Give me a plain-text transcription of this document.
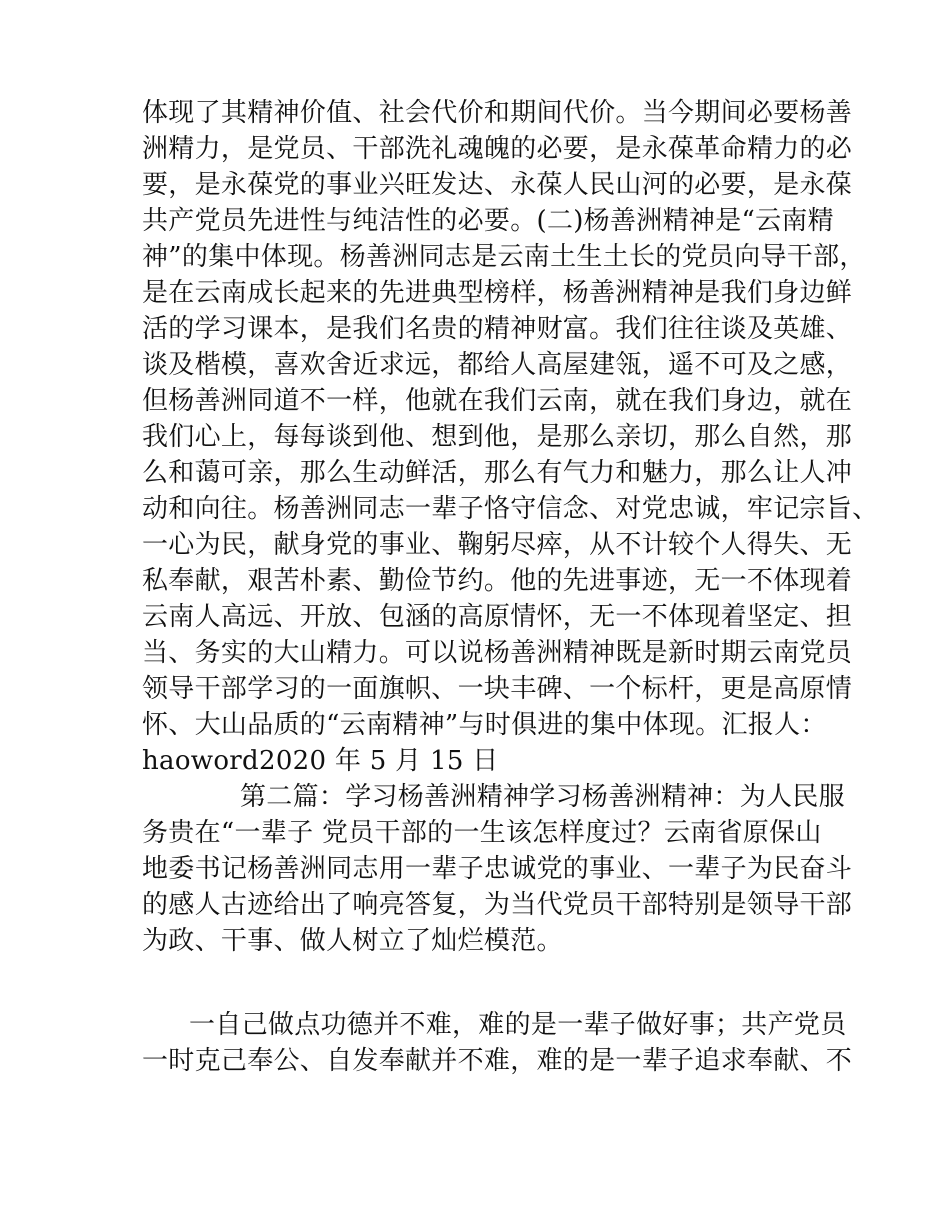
体现了其精神价值、社会代价和期间代价。当今期间必要杨善
洲精力，是党员、干部洗礼魂魄的必要，是永葆革命精力的必
要，是永葆党的事业兴旺发达、永葆人民山河的必要，是永葆
共产党员先进性与纯洁性的必要。(二)杨善洲精神是“云南精
神”的集中体现。杨善洲同志是云南土生土长的党员向导干部，
是在云南成长起来的先进典型榜样，杨善洲精神是我们身边鲜
活的学习课本，是我们名贵的精神财富。我们往往谈及英雄、
谈及楷模，喜欢舍近求远，都给人高屋建瓴，遥不可及之感，
但杨善洲同道不一样，他就在我们云南，就在我们身边，就在
我们心上，每每谈到他、想到他，是那么亲切，那么自然，那
么和蔼可亲，那么生动鲜活，那么有气力和魅力，那么让人冲
动和向往。杨善洲同志一辈子恪守信念、对党忠诚，牢记宗旨、
一心为民，献身党的事业、鞠躬尽瘁，从不计较个人得失、无
私奉献，艰苦朴素、勤俭节约。他的先进事迹，无一不体现着
云南人高远、开放、包涵的高原情怀，无一不体现着坚定、担
当、务实的大山精力。可以说杨善洲精神既是新时期云南党员
领导干部学习的一面旗帜、一块丰碑、一个标杆，更是高原情
怀、大山品质的“云南精神”与时俱进的集中体现。汇报人：
haoword2020 年 5 月 15 日
第二篇：学习杨善洲精神学习杨善洲精神：为人民服
务贵在“一辈子 党员干部的一生该怎样度过？云南省原保山
地委书记杨善洲同志用一辈子忠诚党的事业、一辈子为民奋斗
的感人古迹给出了响亮答复，为当代党员干部特别是领导干部
为政、干事、做人树立了灿烂模范。
一自己做点功德并不难，难的是一辈子做好事；共产党员
一时克己奉公、自发奉献并不难，难的是一辈子追求奉献、不
